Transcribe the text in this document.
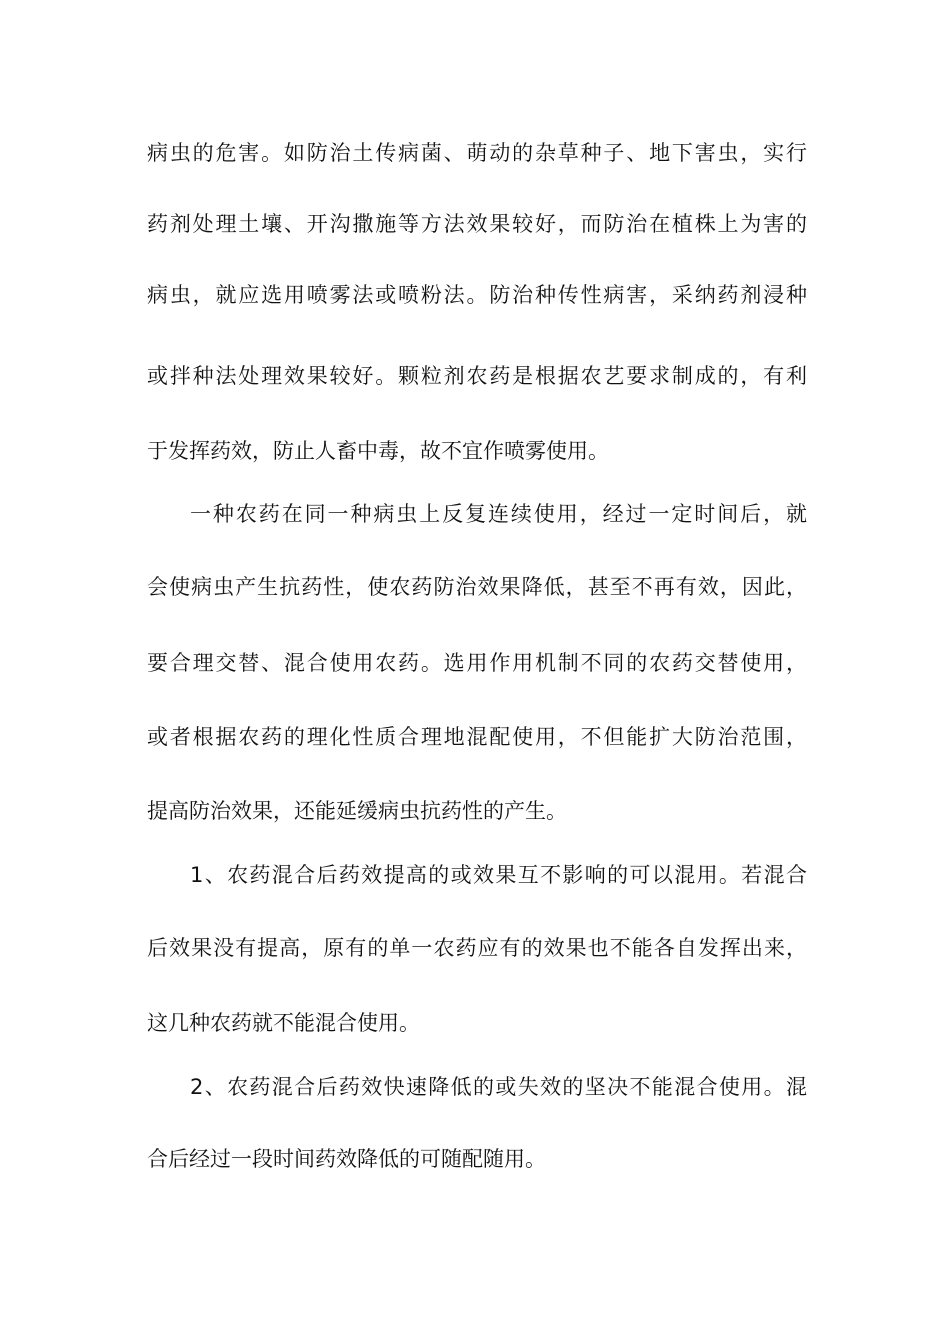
病虫的危害。如防治土传病菌、萌动的杂草种子、地下害虫，实行
药剂处理土壤、开沟撒施等方法效果较好，而防治在植株上为害的
病虫，就应选用喷雾法或喷粉法。防治种传性病害，采纳药剂浸种
或拌种法处理效果较好。颗粒剂农药是根据农艺要求制成的，有利
于发挥药效，防止人畜中毒，故不宜作喷雾使用。
一种农药在同一种病虫上反复连续使用，经过一定时间后，就
会使病虫产生抗药性，使农药防治效果降低，甚至不再有效，因此，
要合理交替、混合使用农药。选用作用机制不同的农药交替使用，
或者根据农药的理化性质合理地混配使用，不但能扩大防治范围，
提高防治效果，还能延缓病虫抗药性的产生。
1、农药混合后药效提高的或效果互不影响的可以混用。若混合
后效果没有提高，原有的单一农药应有的效果也不能各自发挥出来，
这几种农药就不能混合使用。
2、农药混合后药效快速降低的或失效的坚决不能混合使用。混
合后经过一段时间药效降低的可随配随用。
